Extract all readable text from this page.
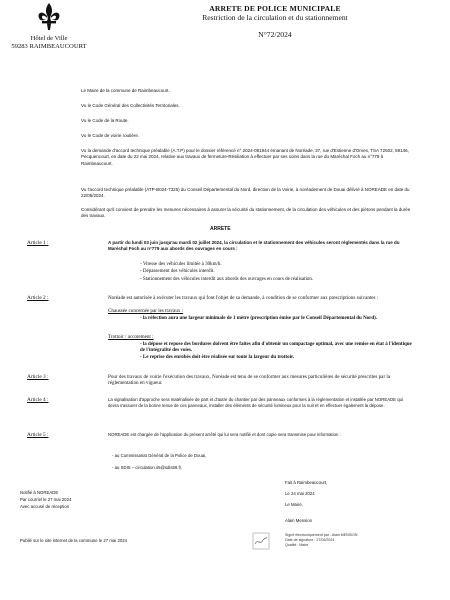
Hôtel de Ville
59283 RAIMBEAUCOURT
ARRETE DE POLICE MUNICIPALE
Restriction de la circulation et du stationnement
N°72/2024
Le Maire de la commune de Raimbeaucourt.
Vu le Code Général des Collectivités Territoriales.
Vu le Code de la Route.
Vu le Code de voirie routière.
Vu la demande d'accord technique préalable (A.T.P) pour le dossier référencé n° 2024-081944 émanant de Noréade, 37, rue d'Estienne d'Orves, TSA 72502, 59146, Pecquencourt, en date du 22 mai 2024, relative aux travaux de fermeture-Résiliation à effectuer par ses soins dans la rue du Maréchal Foch au n°779 à Raimbeaucourt.
Vu l'accord technique préalable (ATP-B024-7325) du Conseil Départemental du Nord, direction de la Voirie, à noréadement de Douai délivré à NOREADE en date du 22/05/2024.
Considérant qu'il convient de prendre les mesures nécessaires à assurer la sécurité du stationnement, de la circulation des véhicules et des piétons pendant la durée des travaux.
ARRETE
Article 1 :	A partir du lundi 03 juin jusqu'au mardi 02 juillet 2024, la circulation et le stationnement des véhicules seront réglementés dans la rue du Maréchal Foch au n°779 aux abords des ouvrages en cours :
- Vitesse des véhicules limitée à 30km/h.
- Dépassement des véhicules interdit.
- Stationnement des véhicules interdit aux abords des ouvrages en cours de réalisation.
Article 2 :	Noréade est autorisée à exécuter les travaux qui font l'objet de sa demande, à condition de se conformer aux prescriptions suivantes :
Chaussée concernée par les travaux :
- la réfection aura une largeur minimale de 1 mètre (prescription émise par le Conseil Départemental du Nord).
Trottoir / accotement :
- la dépose et repose des bordures doivent être faites afin d'obtenir un compactage optimal, avec une remise en état à l'identique de l'intégralité des voies.
- Le reprise des enrobés doit être réalisée sur toute la largeur du trottoir.
Article 3 :	Pour des travaux de voirie l'exécution des travaux, Noréade est tenu de se conformer aux mesures particulières de sécurité prescrites par la réglementation en vigueur.
Article 4 :	La signalisation d'approche sera matérialisée de part et d'autre du chantier par des panneaux conformes à la réglementation et installée par NOREADE qui devra s'assurer de la bonne tenue de ces panneaux, installer des éléments de sécurité lumineux pour la nuit et en effectuer également la dépose.
Article 5 :	NOREADE est chargée de l'application du présent arrêté qui lui sera notifié et dont copie sera transmise pour information :
- au Commissariat Général de la Police de Douai,
- au SDIS – circulation.s5@sdis59.fr,
Fait à Raimbeaucourt,
Le 24 mai 2024
Le Maire,
Alain Mension
Notifié à NOREADE
Par courriel le 27 mai 2024
Avec accusé de réception
Publié sur le site internet de la commune le 27 mai 2024
Signé électroniquement par : Alain MENSION
Date de signature : 27/05/2024
Qualité : Maire
